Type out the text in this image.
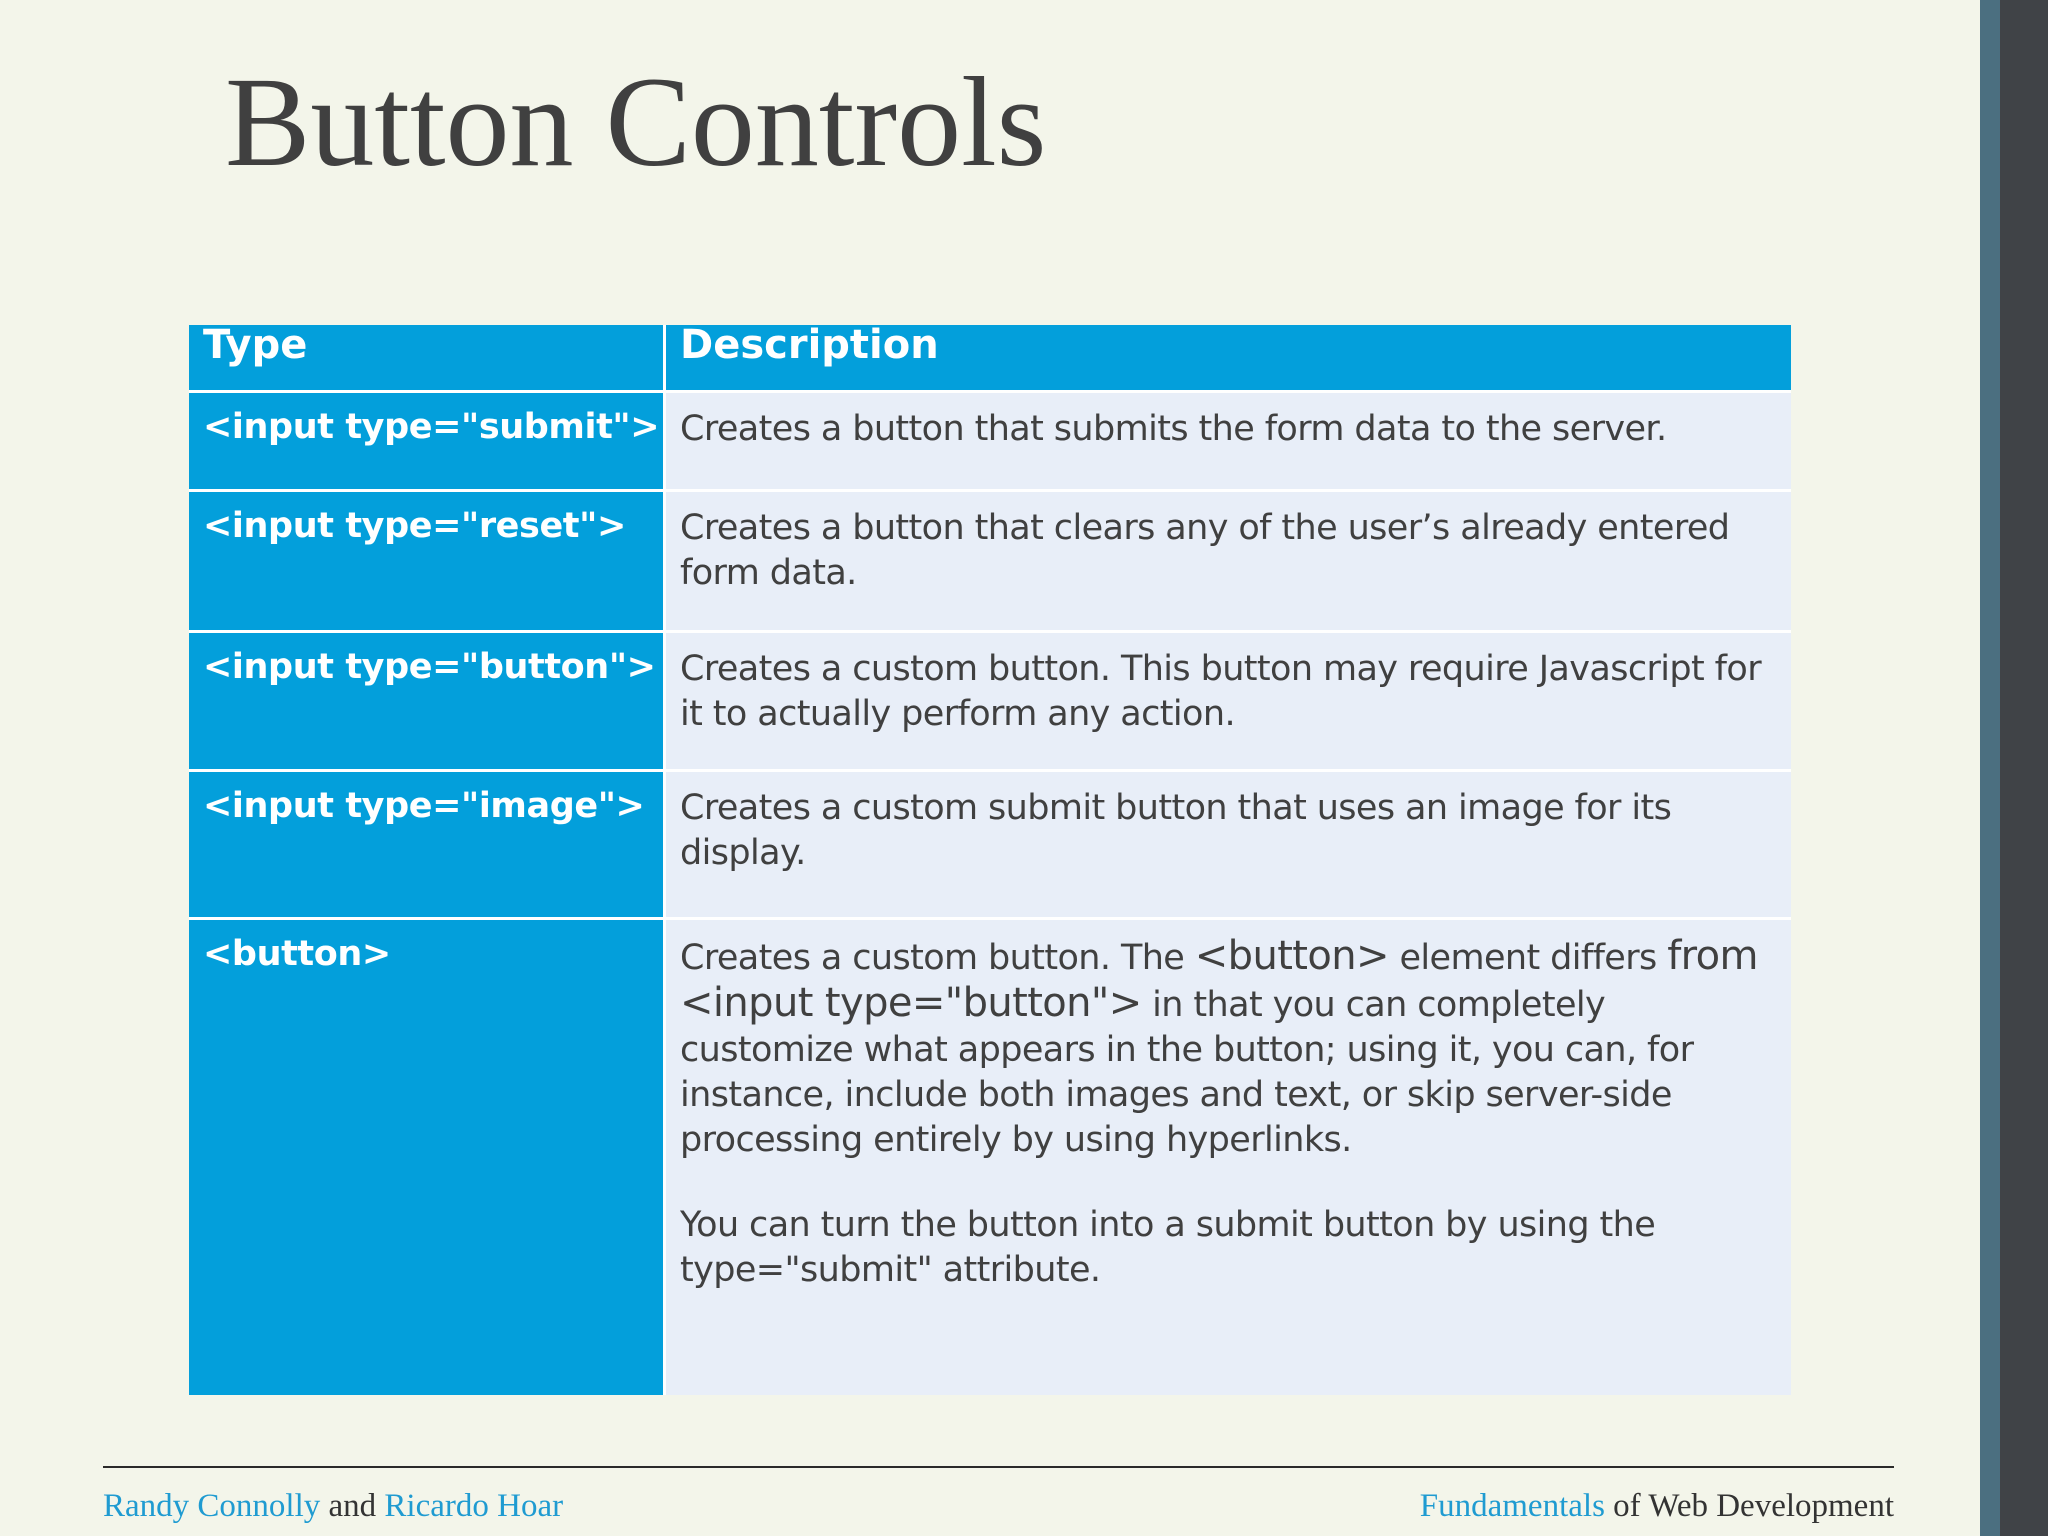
Button Controls
Type	Description
<input type="submit"> Creates a button that submits the form data to the server.

<input type="reset">	Creates a button that clears any of the user’s already entered form data.

<input type="button"> Creates a custom button. This button may require Javascript for it to actually perform any action.

<input type="image">	Creates a custom submit button that uses an image for its display.

<button>	Creates a custom button. The <button> element differs from <input type="button"> in that you can completely customize what appears in the button; using it, you can, for instance, include both images and text, or skip server-side processing entirely by using hyperlinks.

You can turn the button into a submit button by using the type="submit" attribute.

Randy Connolly and Ricardo Hoar	Fundamentals of Web Development
